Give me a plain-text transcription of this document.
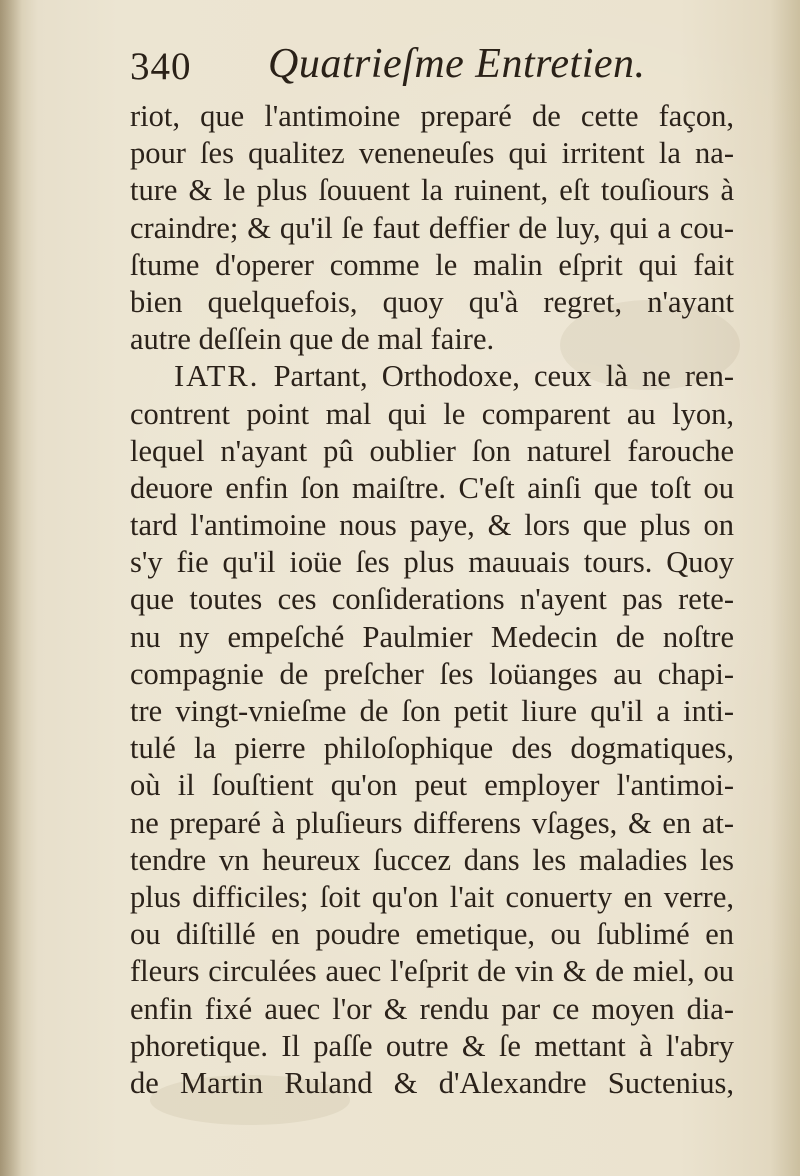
340 Quatrieſme Entretien.
riot, que l'antimoine preparé de cette façon,
pour ſes qualitez veneneuſes qui irritent la na-
ture & le plus ſouuent la ruinent, eſt touſiours à
craindre; & qu'il ſe faut deffier de luy, qui a cou-
ſtume d'operer comme le malin eſprit qui fait
bien quelquefois, quoy qu'à regret, n'ayant
autre deſſein que de mal faire.
IATR. Partant, Orthodoxe, ceux là ne ren-
contrent point mal qui le comparent au lyon,
lequel n'ayant pû oublier ſon naturel farouche
deuore enfin ſon maiſtre. C'eſt ainſi que toſt ou
tard l'antimoine nous paye, & lors que plus on
s'y fie qu'il ioüe ſes plus mauuais tours. Quoy
que toutes ces conſiderations n'ayent pas rete-
nu ny empeſché Paulmier Medecin de noſtre
compagnie de preſcher ſes loüanges au chapi-
tre vingt-vnieſme de ſon petit liure qu'il a inti-
tulé la pierre philoſophique des dogmatiques,
où il ſouſtient qu'on peut employer l'antimoi-
ne preparé à pluſieurs differens vſages, & en at-
tendre vn heureux ſuccez dans les maladies les
plus difficiles; ſoit qu'on l'ait conuerty en verre,
ou diſtillé en poudre emetique, ou ſublimé en
fleurs circulées auec l'eſprit de vin & de miel, ou
enfin fixé auec l'or & rendu par ce moyen dia-
phoretique. Il paſſe outre & ſe mettant à l'abry
de Martin Ruland & d'Alexandre Suctenius,
